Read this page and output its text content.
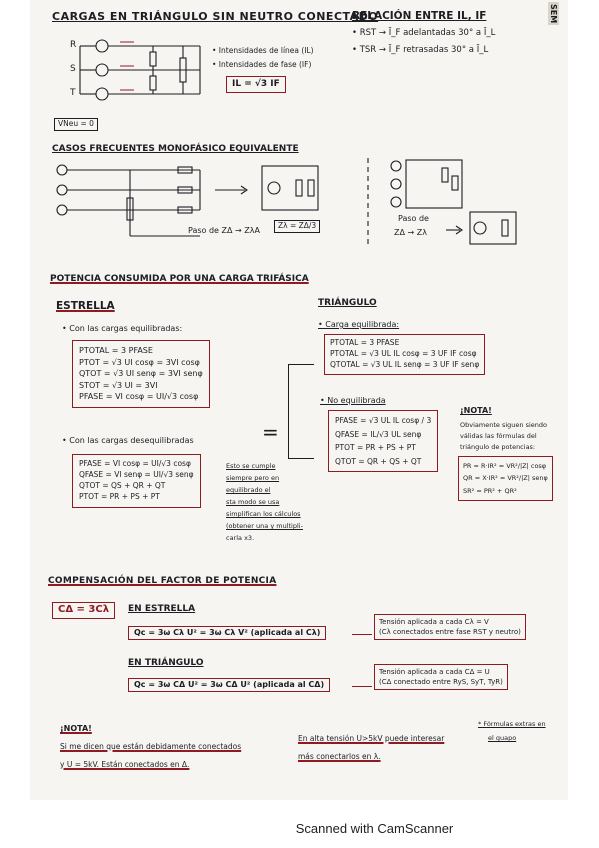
CARGAS EN TRIÁNGULO SIN NEUTRO CONECTADO
RELACIÓN ENTRE IL, IF
• RST → Ī_F adelantadas 30° a Ī_L
• TSR → Ī_F retrasadas 30° a Ī_L
SEM
R
S
T
• Intensidades de línea (IL)
• Intensidades de fase (IF)
IL = √3 IF
VNeu = 0
CASOS FRECUENTES MONOFÁSICO EQUIVALENTE
Paso de ZΔ → ZλA
Zλ = ZΔ/3
Paso de
ZΔ → Zλ
POTENCIA CONSUMIDA POR UNA CARGA TRIFÁSICA
ESTRELLA	TRIÁNGULO
• Con las cargas equilibradas:
PTOTAL = 3 PFASE
PTOT = √3 UI cosφ = 3VI cosφ
QTOT = √3 UI senφ = 3VI senφ
STOT = √3 UI = 3VI
PFASE = VI cosφ = UI/√3 cosφ
• Con las cargas desequilibradas
PFASE = VI cosφ = UI/√3 cosφ
QFASE = VI senφ = UI/√3 senφ
QTOT = QS + QR + QT
PTOT = PR + PS + PT
Esto se cumple
siempre pero en
equilibrado el
sta modo se usa
simplifican los cálculos
(obtener una y multipli-
carla x3.
=
• Carga equilibrada:
PTOTAL = 3 PFASE
PTOTAL = √3 UL IL cosφ = 3 UF IF cosφ
QTOTAL = √3 UL IL senφ = 3 UF IF senφ
• No equilibrada
PFASE = √3 UL IL cosφ / 3
QFASE = IL/√3 UL senφ
PTOT = PR + PS + PT
QTOT = QR + QS + QT
¡NOTA!
Obviamente siguen siendo
válidas las fórmulas del
triángulo de potencias:
PR = R·IR² = VR²/|Z| cosφ
QR = X·IR² = VR²/|Z| senφ
SR² = PR² + QR²
COMPENSACIÓN DEL FACTOR DE POTENCIA
CΔ = 3Cλ EN ESTRELLA
Qc = 3ω Cλ U² = 3ω Cλ V² (aplicada al Cλ)
Tensión aplicada a cada Cλ = V
(Cλ conectados entre fase RST y neutro)
EN TRIÁNGULO
Qc = 3ω CΔ U² = 3ω CΔ U² (aplicada al CΔ)
Tensión aplicada a cada CΔ = U
(CΔ conectado entre RyS, SyT, TyR)
¡NOTA!
Si me dicen que están debidamente conectados
y U = 5kV. Están conectados en Δ.
En alta tensión U>5kV puede interesar
más conectarlos en λ.
* Fórmulas extras en
el guapo
Scanned with CamScanner
